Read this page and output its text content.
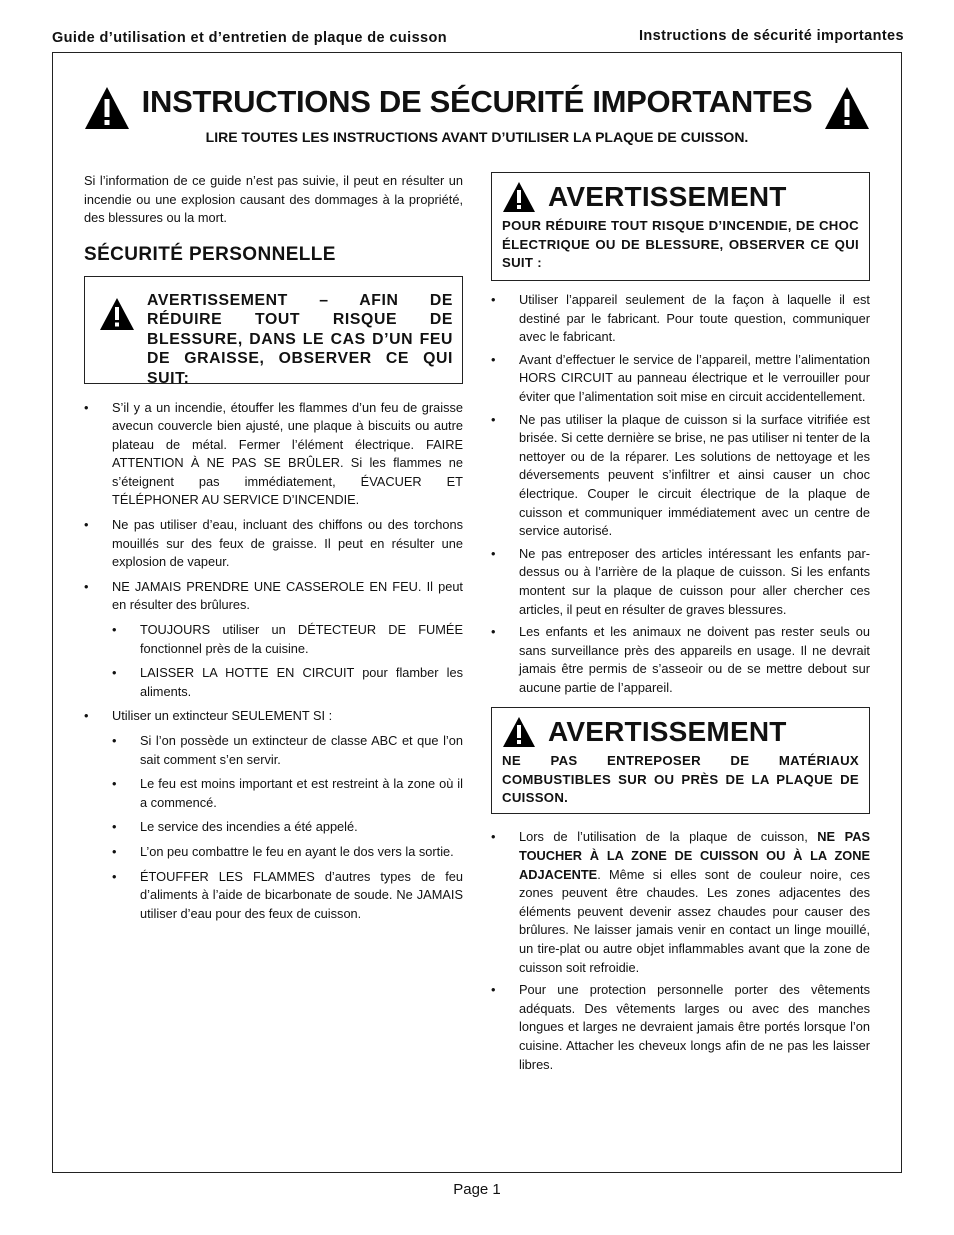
Guide d’utilisation et d’entretien de plaque de cuisson	Instructions de sécurité importantes
INSTRUCTIONS DE SÉCURITÉ IMPORTANTES
LIRE TOUTES LES INSTRUCTIONS AVANT D’UTILISER LA PLAQUE DE CUISSON.

Si l’information de ce guide n’est pas suivie, il peut en résulter un incendie ou une explosion causant des dommages à la propriété, des blessures ou la mort.

SÉCURITÉ PERSONNELLE
AVERTISSEMENT – AFIN DE RÉDUIRE TOUT RISQUE DE BLESSURE, DANS LE CAS D’UN FEU DE GRAISSE, OBSERVER CE QUI SUIT:
• S’il y a un incendie, étouffer les flammes d’un feu de graisse avecun couvercle bien ajusté, une plaque à biscuits ou autre plateau de métal. Fermer l’élément électrique. FAIRE ATTENTION À NE PAS SE BRÛLER. Si les flammes ne s’éteignent pas immédiatement, ÉVACUER ET TÉLÉPHONER AU SERVICE D’INCENDIE.
• Ne pas utiliser d’eau, incluant des chiffons ou des torchons mouillés sur des feux de graisse. Il peut en résulter une explosion de vapeur.
• NE JAMAIS PRENDRE UNE CASSEROLE EN FEU. Il peut en résulter des brûlures.
• TOUJOURS utiliser un DÉTECTEUR DE FUMÉE fonctionnel près de la cuisine.
• LAISSER LA HOTTE EN CIRCUIT pour flamber les aliments.
• Utiliser un extincteur SEULEMENT SI :
• Si l’on possède un extincteur de classe ABC et que l’on sait comment s’en servir.
• Le feu est moins important et est restreint à la zone où il a commencé.
• Le service des incendies a été appelé.
• L’on peu combattre le feu en ayant le dos vers la sortie.
• ÉTOUFFER LES FLAMMES d’autres types de feu d’aliments à l’aide de bicarbonate de soude. Ne JAMAIS utiliser d’eau pour des feux de cuisson.
AVERTISSEMENT
POUR RÉDUIRE TOUT RISQUE D’INCENDIE, DE CHOC ÉLECTRIQUE OU DE BLESSURE, OBSERVER CE QUI SUIT :
• Utiliser l’appareil seulement de la façon à laquelle il est destiné par le fabricant. Pour toute question, communiquer avec le fabricant.
• Avant d’effectuer le service de l’appareil, mettre l’alimentation HORS CIRCUIT au panneau électrique et le verrouiller pour éviter que l’alimentation soit mise en circuit accidentellement.
• Ne pas utiliser la plaque de cuisson si la surface vitrifiée est brisée. Si cette dernière se brise, ne pas utiliser ni tenter de la nettoyer ou de la réparer. Les solutions de nettoyage et les déversements peuvent s’infiltrer et ainsi causer un choc électrique. Couper le circuit électrique de la plaque de cuisson et communiquer immédiatement avec un centre de service autorisé.
• Ne pas entreposer des articles intéressant les enfants par-dessus ou à l’arrière de la plaque de cuisson. Si les enfants montent sur la plaque de cuisson pour aller chercher ces articles, il peut en résulter de graves blessures.
• Les enfants et les animaux ne doivent pas rester seuls ou sans surveillance près des appareils en usage. Il ne devrait jamais être permis de s’asseoir ou de se mettre debout sur aucune partie de l’appareil.
AVERTISSEMENT
NE PAS ENTREPOSER DE MATÉRIAUX COMBUSTIBLES SUR OU PRÈS DE LA PLAQUE DE CUISSON.
• Lors de l’utilisation de la plaque de cuisson, NE PAS TOUCHER À LA ZONE DE CUISSON OU À LA ZONE ADJACENTE. Même si elles sont de couleur noire, ces zones peuvent être chaudes. Les zones adjacentes des éléments peuvent devenir assez chaudes pour causer des brûlures. Ne laisser jamais venir en contact un linge mouillé, un tire-plat ou autre objet inflammables avant que la zone de cuisson soit refroidie.
• Pour une protection personnelle porter des vêtements adéquats. Des vêtements larges ou avec des manches longues et larges ne devraient jamais être portés lorsque l’on cuisine. Attacher les cheveux longs afin de ne pas les laisser libres.
Page 1
